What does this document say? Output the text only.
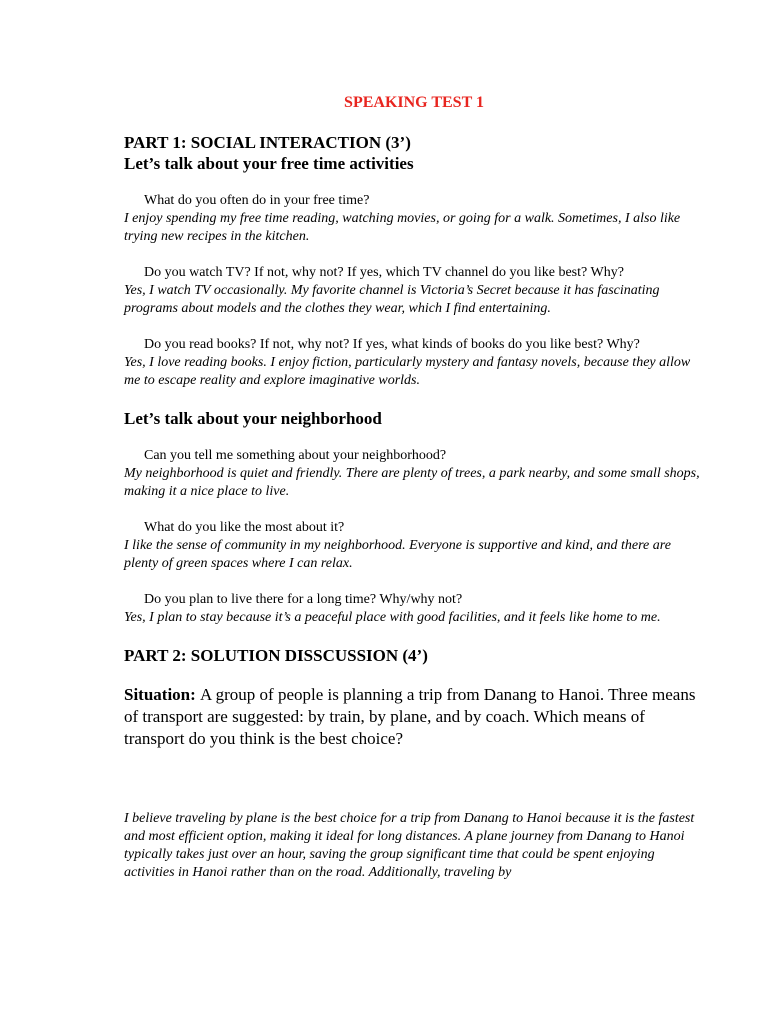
SPEAKING TEST 1
PART 1: SOCIAL INTERACTION (3’)
Let’s talk about your free time activities

What do you often do in your free time?

I enjoy spending my free time reading, watching movies, or going for a walk. Sometimes, I also like trying new recipes in the kitchen.

Do you watch TV? If not, why not? If yes, which TV channel do you like best? Why?

Yes, I watch TV occasionally. My favorite channel is Victoria’s Secret because it has fascinating programs about models and the clothes they wear, which I find entertaining.

Do you read books? If not, why not? If yes, what kinds of books do you like best? Why?

Yes, I love reading books. I enjoy fiction, particularly mystery and fantasy novels, because they allow me to escape reality and explore imaginative worlds.

Let’s talk about your neighborhood

Can you tell me something about your neighborhood?

My neighborhood is quiet and friendly. There are plenty of trees, a park nearby, and some small shops, making it a nice place to live.

What do you like the most about it?

I like the sense of community in my neighborhood. Everyone is supportive and kind, and there are plenty of green spaces where I can relax.

Do you plan to live there for a long time? Why/why not?

Yes, I plan to stay because it’s a peaceful place with good facilities, and it feels like home to me.

PART 2: SOLUTION DISSCUSSION (4’)

Situation: A group of people is planning a trip from Danang to Hanoi. Three means of transport are suggested: by train, by plane, and by coach. Which means of transport do you think is the best choice?

I believe traveling by plane is the best choice for a trip from Danang to Hanoi because it is the fastest and most efficient option, making it ideal for long distances. A plane journey from Danang to Hanoi typically takes just over an hour, saving the group significant time that could be spent enjoying activities in Hanoi rather than on the road. Additionally, traveling by
